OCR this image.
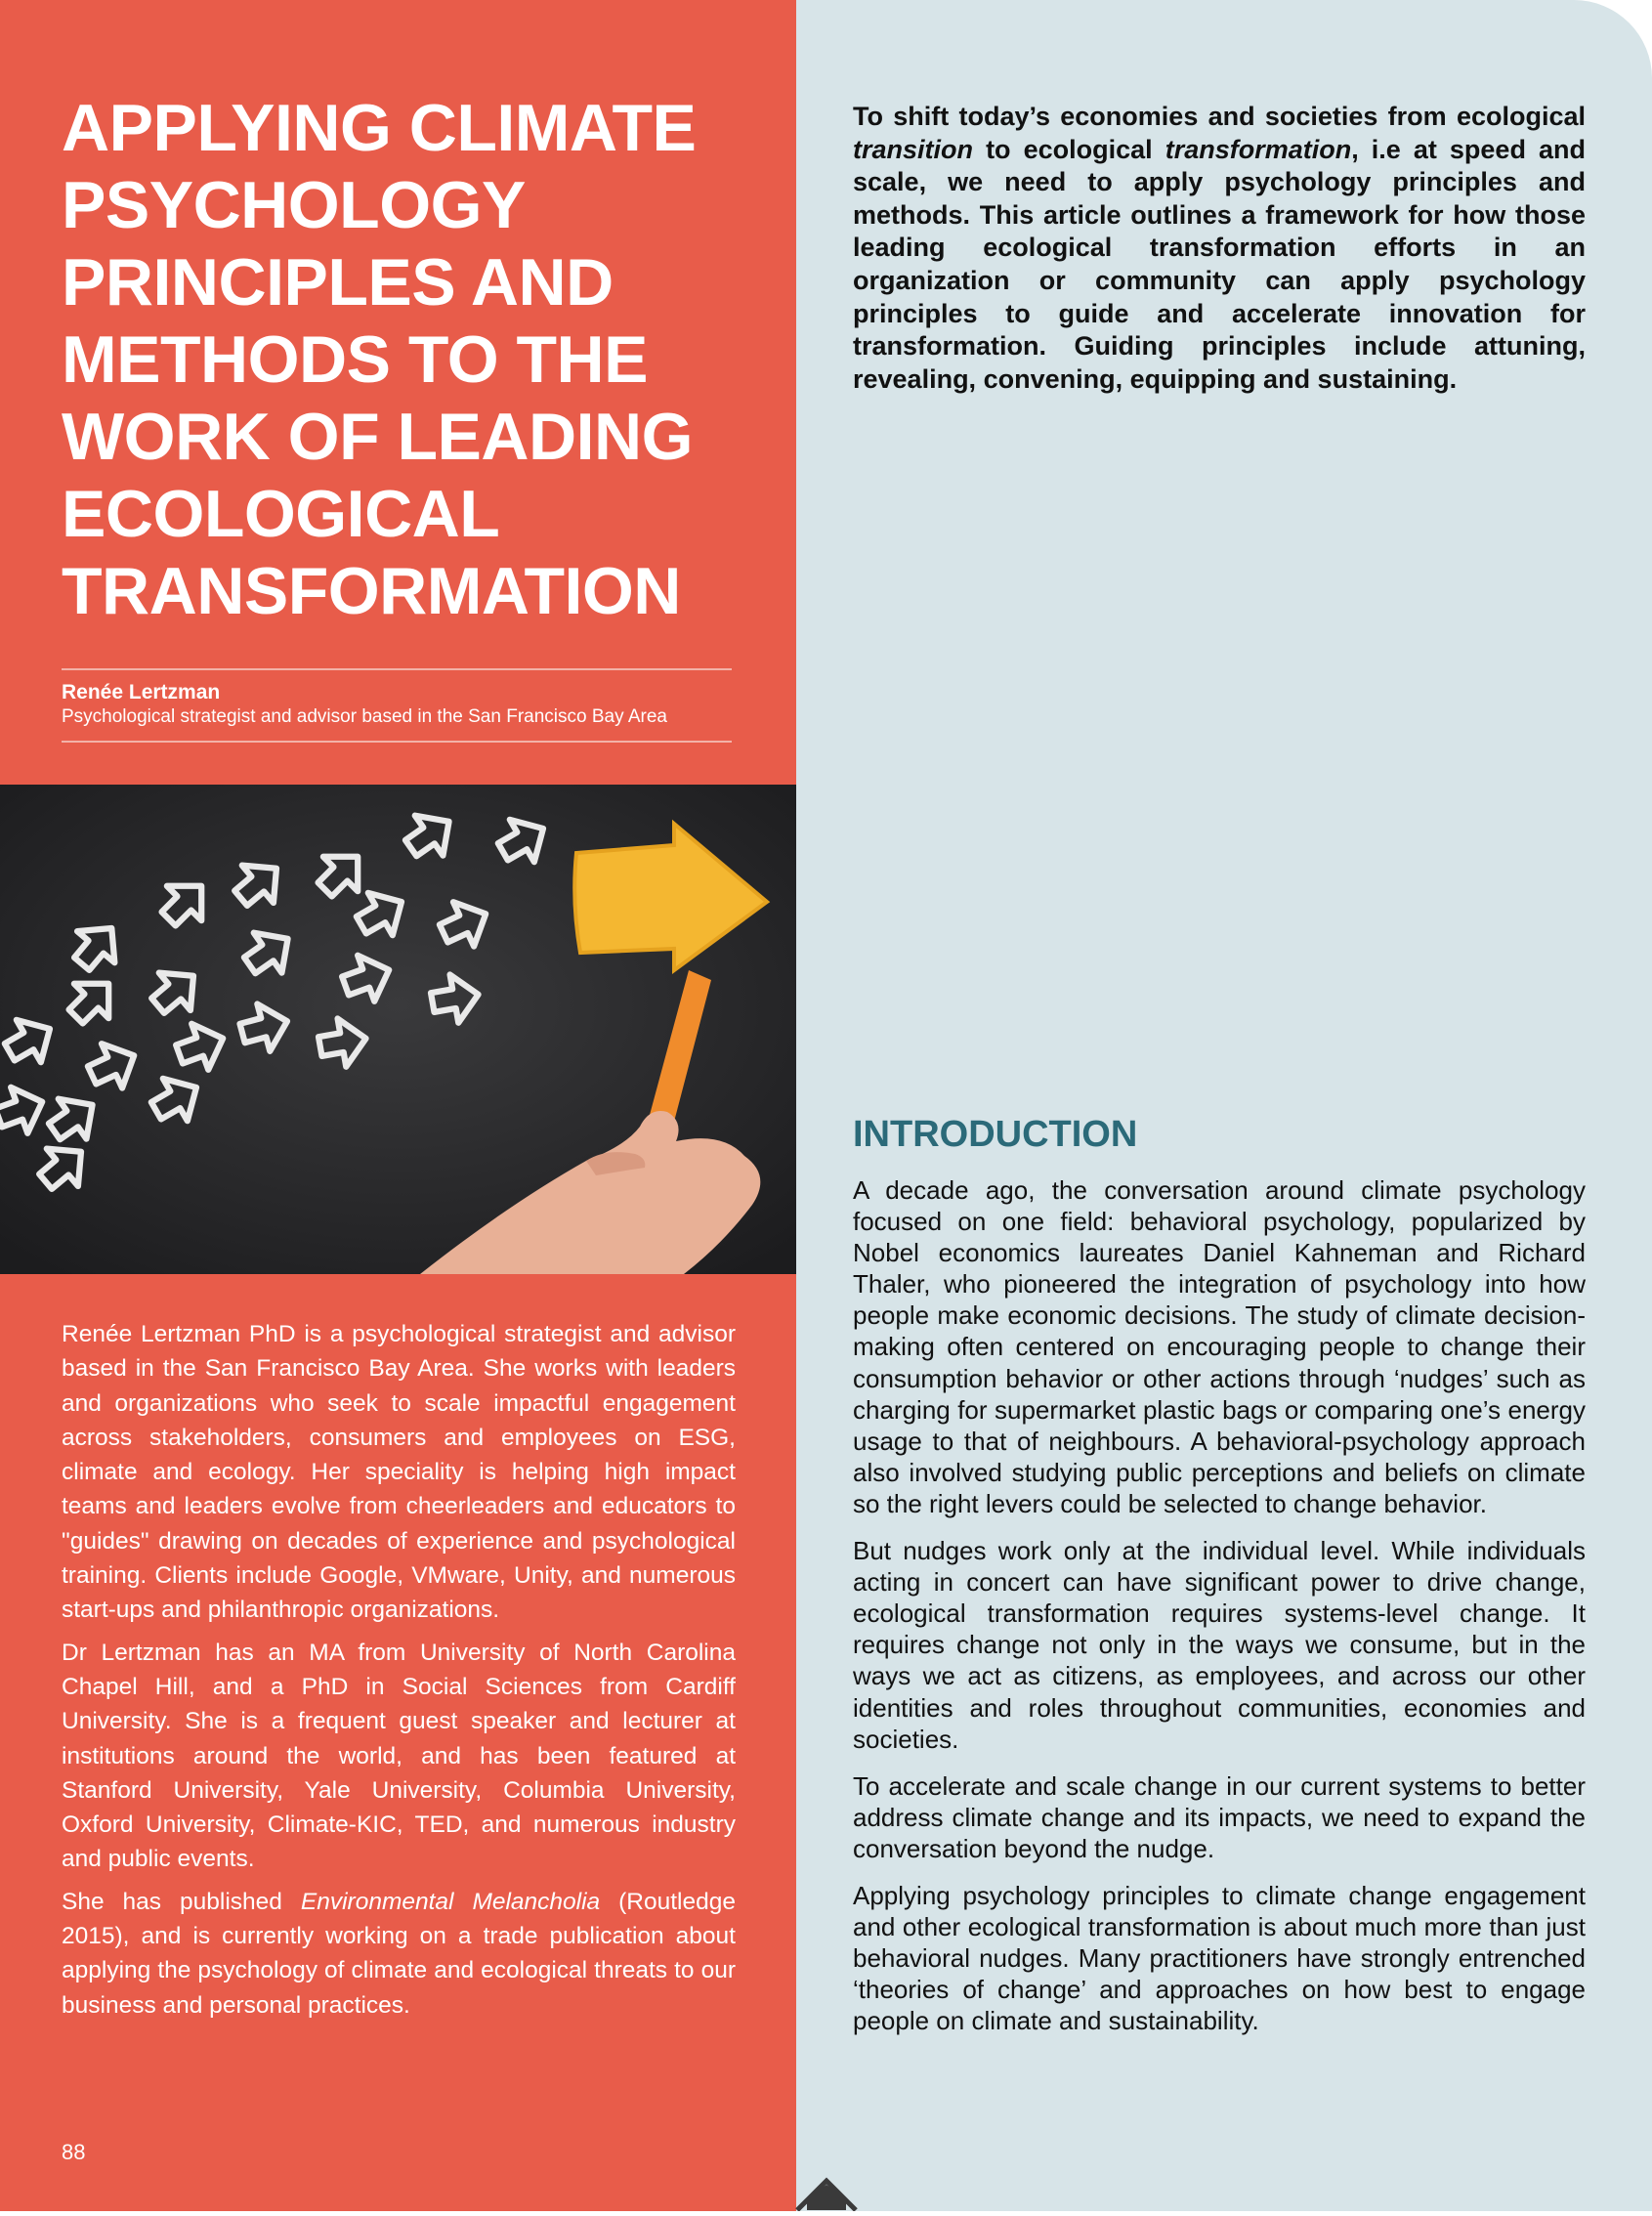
APPLYING CLIMATE PSYCHOLOGY PRINCIPLES AND METHODS TO THE WORK OF LEADING ECOLOGICAL TRANSFORMATION
Renée Lertzman
Psychological strategist and advisor based in the San Francisco Bay Area

Renée Lertzman PhD is a psychological strategist and advisor based in the San Francisco Bay Area. She works with leaders and organizations who seek to scale impactful engagement across stakeholders, consumers and employees on ESG, climate and ecology. Her speciality is helping high impact teams and leaders evolve from cheerleaders and educators to "guides" drawing on decades of experience and psychological training. Clients include Google, VMware, Unity, and numerous start-ups and philanthropic organizations.

Dr Lertzman has an MA from University of North Carolina Chapel Hill, and a PhD in Social Sciences from Cardiff University. She is a frequent guest speaker and lecturer at institutions around the world, and has been featured at Stanford University, Yale University, Columbia University, Oxford University, Climate-KIC, TED, and numerous industry and public events.

She has published Environmental Melancholia (Routledge 2015), and is currently working on a trade publication about applying the psychology of climate and ecological threats to our business and personal practices.

88

To shift today’s economies and societies from ecological transition to ecological transformation, i.e at speed and scale, we need to apply psychology principles and methods. This article outlines a framework for how those leading ecological transformation efforts in an organization or community can apply psychology principles to guide and accelerate innovation for transformation. Guiding principles include attuning, revealing, convening, equipping and sustaining.

INTRODUCTION

A decade ago, the conversation around climate psychology focused on one field: behavioral psychology, popularized by Nobel economics laureates Daniel Kahneman and Richard Thaler, who pioneered the integration of psychology into how people make economic decisions. The study of climate decision-making often centered on encouraging people to change their consumption behavior or other actions through ‘nudges’ such as charging for supermarket plastic bags or comparing one’s energy usage to that of neighbours. A behavioral-psychology approach also involved studying public perceptions and beliefs on climate so the right levers could be selected to change behavior.

But nudges work only at the individual level. While individuals acting in concert can have significant power to drive change, ecological transformation requires systems-level change. It requires change not only in the ways we consume, but in the ways we act as citizens, as employees, and across our other identities and roles throughout communities, economies and societies.

To accelerate and scale change in our current systems to better address climate change and its impacts, we need to expand the conversation beyond the nudge.

Applying psychology principles to climate change engagement and other ecological transformation is about much more than just behavioral nudges. Many practitioners have strongly entrenched ‘theories of change’ and approaches on how best to engage people on climate and sustainability.
